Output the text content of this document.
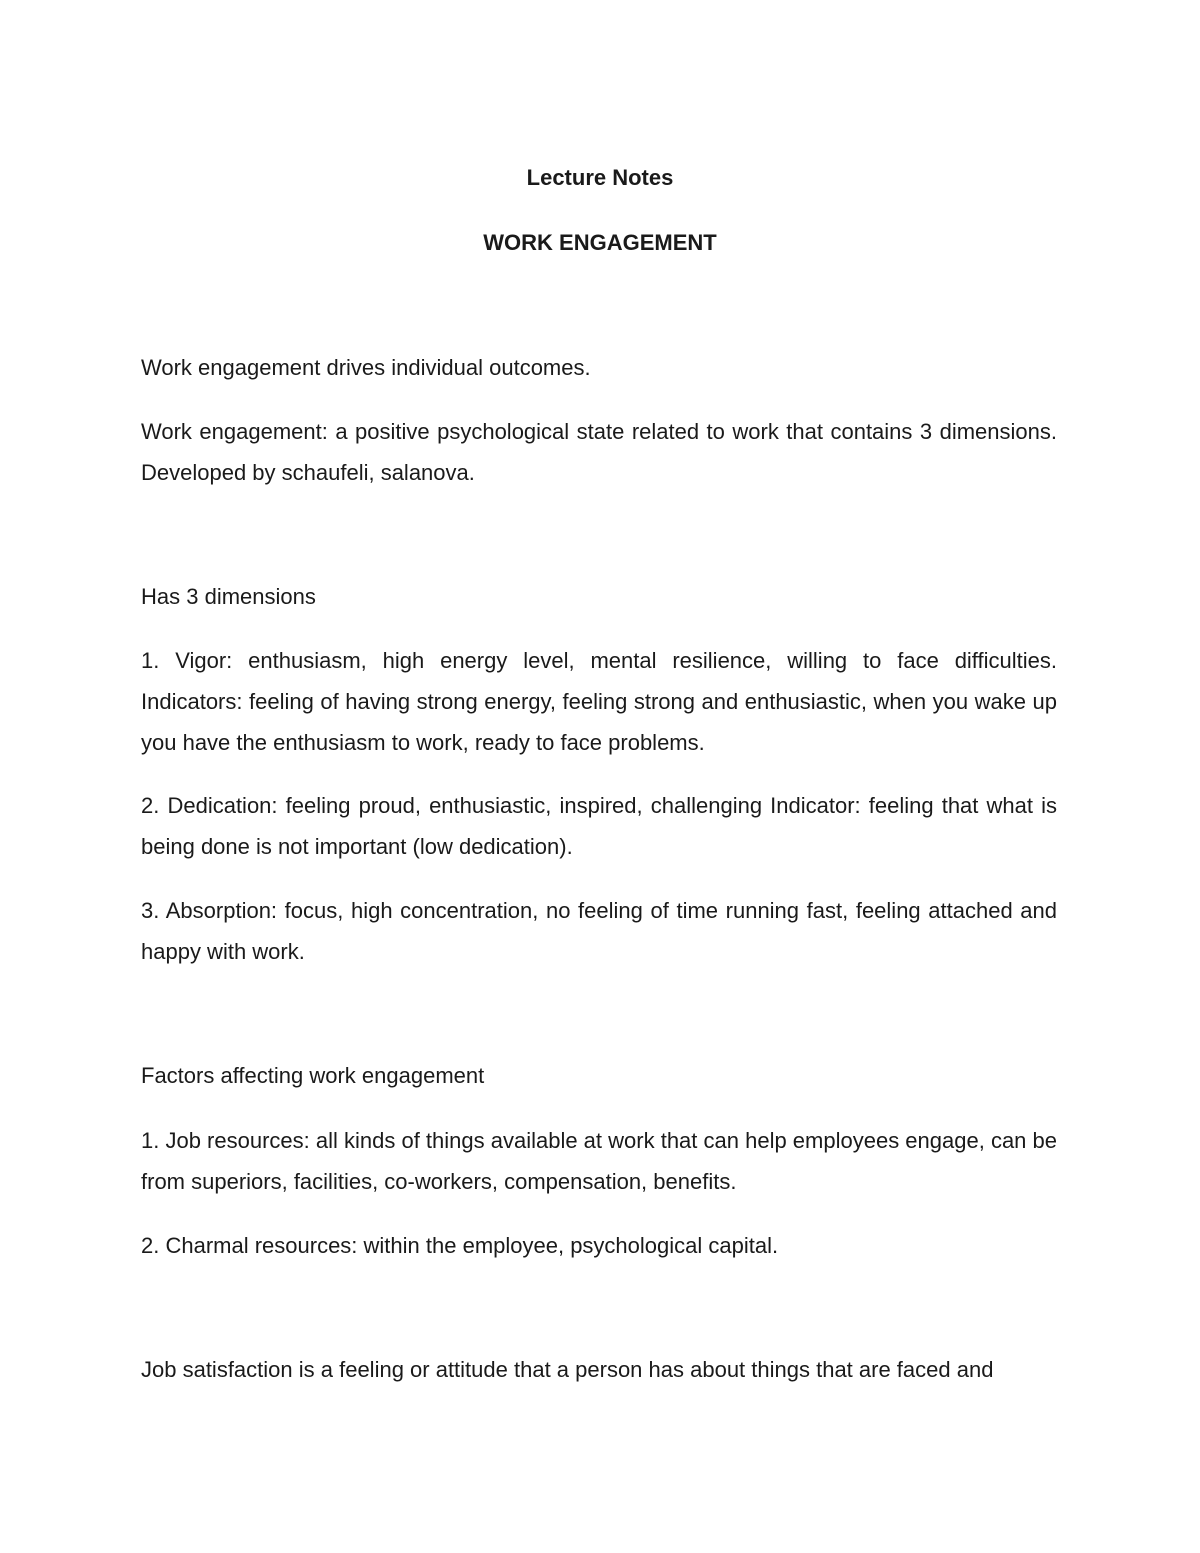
Lecture Notes
WORK ENGAGEMENT

Work engagement drives individual outcomes.

Work engagement: a positive psychological state related to work that contains 3 dimensions. Developed by schaufeli, salanova.

Has 3 dimensions

1. Vigor: enthusiasm, high energy level, mental resilience, willing to face difficulties. Indicators: feeling of having strong energy, feeling strong and enthusiastic, when you wake up you have the enthusiasm to work, ready to face problems.

2. Dedication: feeling proud, enthusiastic, inspired, challenging Indicator: feeling that what is being done is not important (low dedication).

3. Absorption: focus, high concentration, no feeling of time running fast, feeling attached and happy with work.

Factors affecting work engagement

1. Job resources: all kinds of things available at work that can help employees engage, can be from superiors, facilities, co-workers, compensation, benefits.

2. Charmal resources: within the employee, psychological capital.

Job satisfaction is a feeling or attitude that a person has about things that are faced and
